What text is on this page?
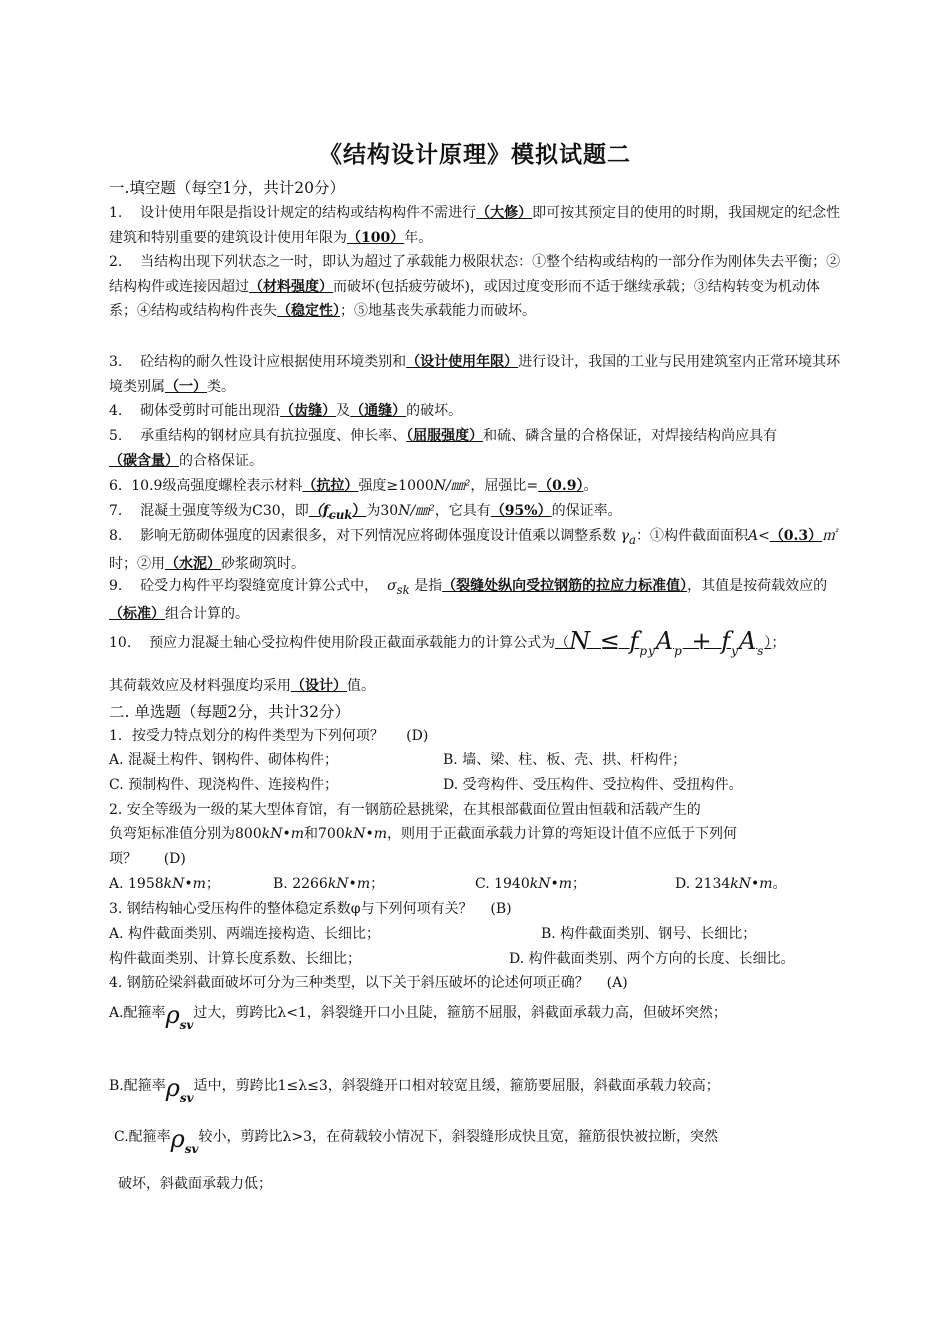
《结构设计原理》模拟试题二

一.填空题（每空1分，共计20分）

1. 设计使用年限是指设计规定的结构或结构构件不需进行（大修）即可按其预定目的使用的时期，我国规定的纪念性建筑和特别重要的建筑设计使用年限为（100）年。

2. 当结构出现下列状态之一时，即认为超过了承载能力极限状态：①整个结构或结构的一部分作为刚体失去平衡；②结构构件或连接因超过（材料强度）而破坏(包括疲劳破坏)，或因过度变形而不适于继续承载；③结构转变为机动体系；④结构或结构构件丧失（稳定性）；⑤地基丧失承载能力而破坏。

3. 砼结构的耐久性设计应根据使用环境类别和（设计使用年限）进行设计，我国的工业与民用建筑室内正常环境其环境类别属（一）类。

4. 砌体受剪时可能出现沿（齿缝）及（通缝）的破坏。

5. 承重结构的钢材应具有抗拉强度、伸长率、（屈服强度）和硫、磷含量的合格保证，对焊接结构尚应具有（碳含量）的合格保证。

6. 10.9级高强度螺栓表示材料（抗拉）强度≥1000N/㎜²，屈强比=（0.9）。

7. 混凝土强度等级为C30，即$(f_{cuk})$为30N/㎜²，它具有（95%）的保证率。

8. 影响无筋砌体强度的因素很多，对下列情况应将砌体强度设计值乘以调整系数 $\gamma_a$：①构件截面面积A<（0.3）㎡时；②用（水泥）砂浆砌筑时。

9. 砼受力构件平均裂缝宽度计算公式中， $\sigma_{sk}$ 是指（裂缝处纵向受拉钢筋的拉应力标准值），其值是按荷载效应的（标准）组合计算的。

10. 预应力混凝土轴心受拉构件使用阶段正截面承载能力的计算公式为$(N \le f_{py}A_p + f_yA_s)$；

其荷载效应及材料强度均采用（设计）值。

二. 单选题（每题2分，共计32分）

1．按受力特点划分的构件类型为下列何项？ (D)

A. 混凝土构件、钢构件、砌体构件；	B. 墙、梁、柱、板、壳、拱、杆构件；
C. 预制构件、现浇构件、连接构件；	D. 受弯构件、受压构件、受拉构件、受扭构件。

2. 安全等级为一级的某大型体育馆，有一钢筋砼悬挑梁，在其根部截面位置由恒载和活载产生的

负弯矩标准值分别为800kN•m和700kN•m，则用于正截面承载力计算的弯矩设计值不应低于下列何

项？ (D)

A. 1958kN•m；	B. 2266kN•m；	C. 1940kN•m；	D. 2134kN•m。

3. 钢结构轴心受压构件的整体稳定系数φ与下列何项有关？ (B)

A. 构件截面类别、两端连接构造、长细比；	B. 构件截面类别、钢号、长细比；
构件截面类别、计算长度系数、长细比；	D. 构件截面类别、两个方向的长度、长细比。

4. 钢筋砼梁斜截面破坏可分为三种类型，以下关于斜压破坏的论述何项正确？ (A)

A.配箍率$\rho_{sv}$过大，剪跨比λ<1，斜裂缝开口小且陡，箍筋不屈服，斜截面承载力高，但破坏突然；

B.配箍率$\rho_{sv}$适中，剪跨比1≤λ≤3，斜裂缝开口相对较宽且缓，箍筋要屈服，斜截面承载力较高；

C.配箍率$\rho_{sv}$较小，剪跨比λ>3，在荷载较小情况下，斜裂缝形成快且宽，箍筋很快被拉断，突然

破坏，斜截面承载力低；
